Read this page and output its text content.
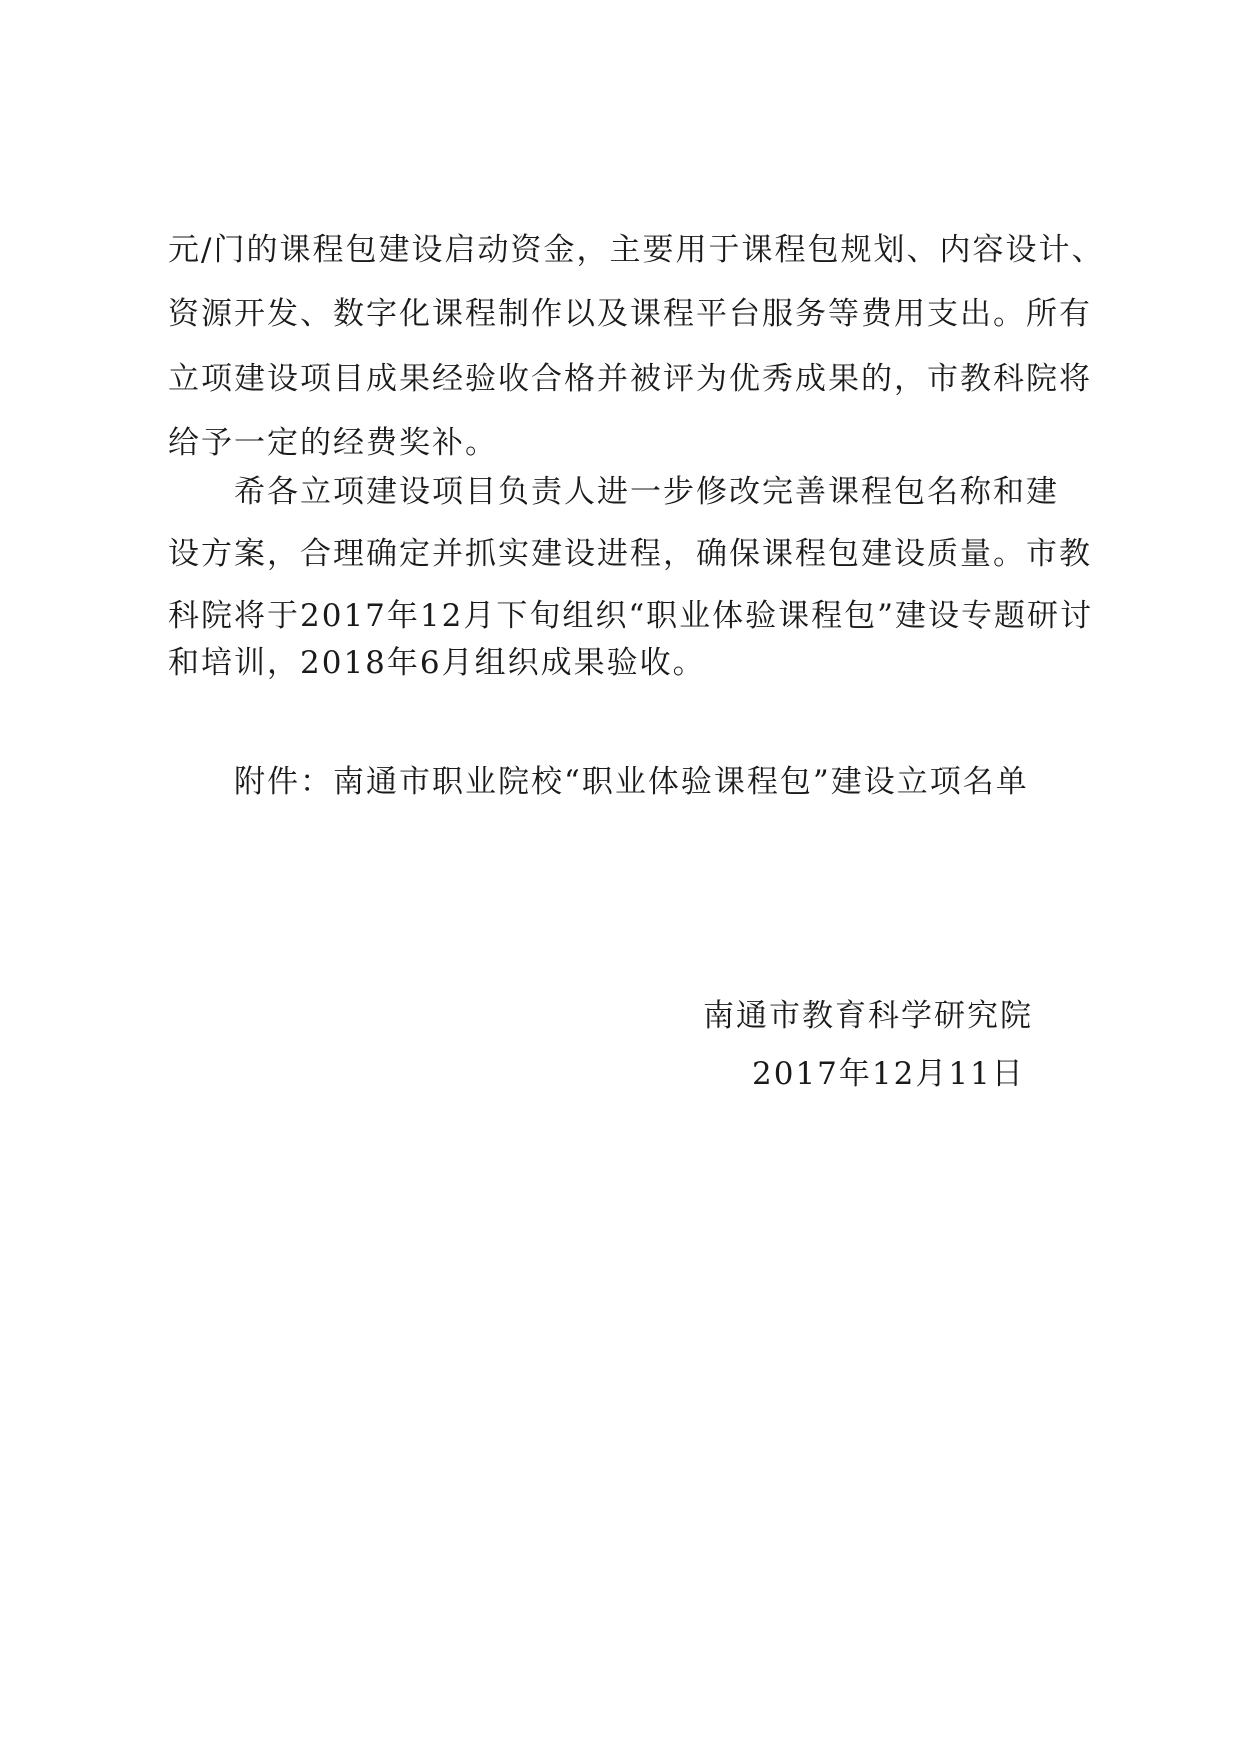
元/门的课程包建设启动资金，主要用于课程包规划、内容设计、
资源开发、数字化课程制作以及课程平台服务等费用支出。所有
立项建设项目成果经验收合格并被评为优秀成果的，市教科院将
给予一定的经费奖补。
希各立项建设项目负责人进一步修改完善课程包名称和建
设方案，合理确定并抓实建设进程，确保课程包建设质量。市教
科院将于2017年12月下旬组织“职业体验课程包”建设专题研讨
和培训，2018年6月组织成果验收。
附件：南通市职业院校“职业体验课程包”建设立项名单
南通市教育科学研究院
2017年12月11日
